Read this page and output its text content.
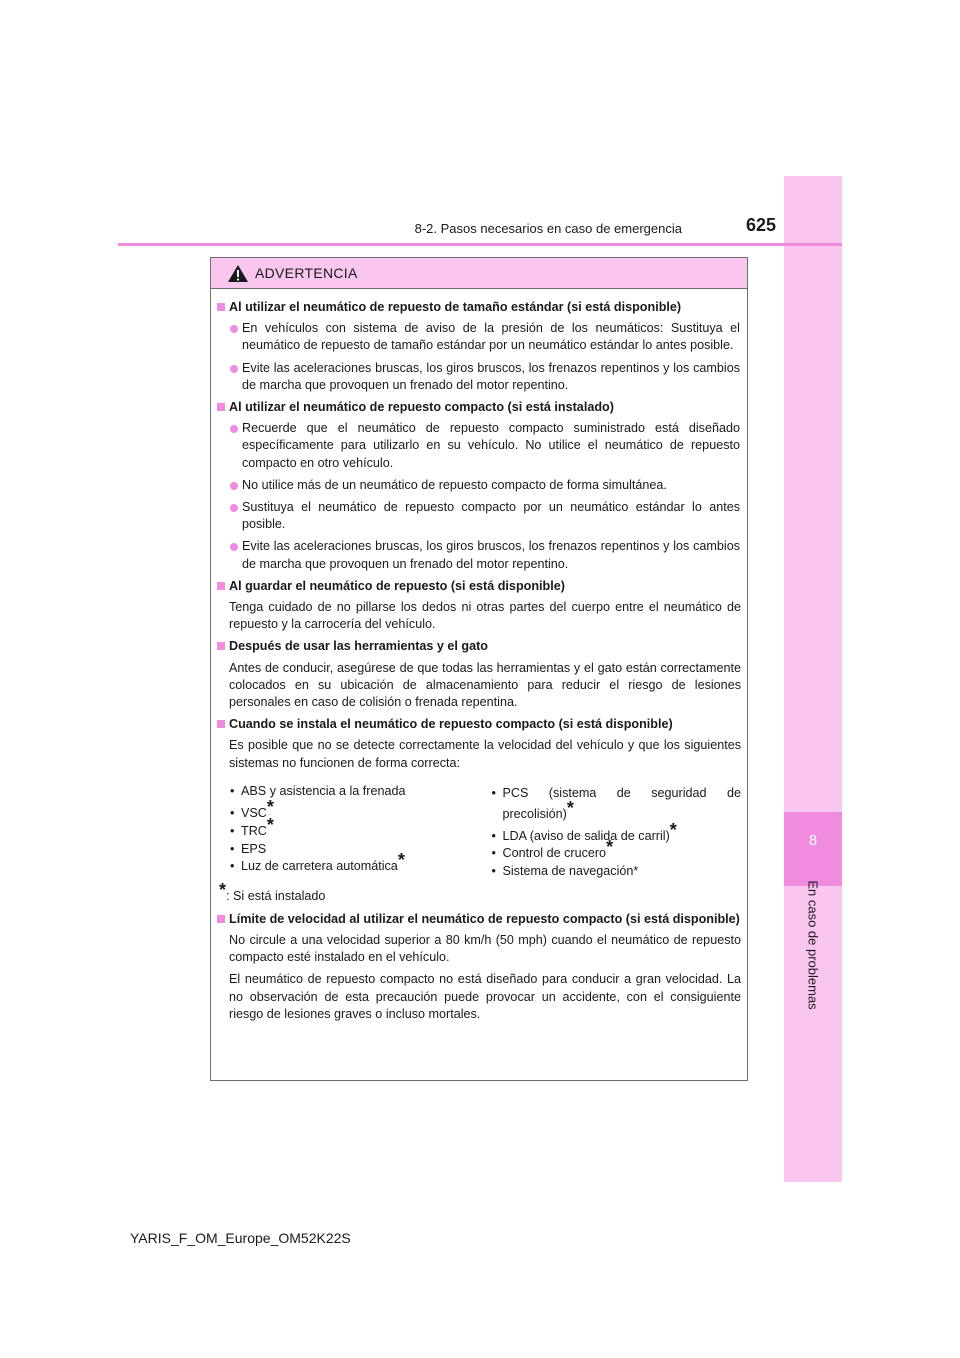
8
En caso de problemas
8-2. Pasos necesarios en caso de emergencia	625
ADVERTENCIA
Al utilizar el neumático de repuesto de tamaño estándar (si está disponible)
En vehículos con sistema de aviso de la presión de los neumáticos: Sustituya el neumático de repuesto de tamaño estándar por un neumático estándar lo antes posible.
Evite las aceleraciones bruscas, los giros bruscos, los frenazos repentinos y los cambios de marcha que provoquen un frenado del motor repentino.
Al utilizar el neumático de repuesto compacto (si está instalado)
Recuerde que el neumático de repuesto compacto suministrado está diseñado específicamente para utilizarlo en su vehículo. No utilice el neumático de repuesto compacto en otro vehículo.
No utilice más de un neumático de repuesto compacto de forma simultánea.
Sustituya el neumático de repuesto compacto por un neumático estándar lo antes posible.
Evite las aceleraciones bruscas, los giros bruscos, los frenazos repentinos y los cambios de marcha que provoquen un frenado del motor repentino.
Al guardar el neumático de repuesto (si está disponible)
Tenga cuidado de no pillarse los dedos ni otras partes del cuerpo entre el neumático de repuesto y la carrocería del vehículo.
Después de usar las herramientas y el gato
Antes de conducir, asegúrese de que todas las herramientas y el gato están correctamente colocados en su ubicación de almacenamiento para reducir el riesgo de lesiones personales en caso de colisión o frenada repentina.
Cuando se instala el neumático de repuesto compacto (si está disponible)
Es posible que no se detecte correctamente la velocidad del vehículo y que los siguientes sistemas no funcionen de forma correcta:
• ABS y asistencia a la frenada
• VSC*
• TRC*
• EPS
• Luz de carretera automática*
• PCS (sistema de seguridad de precolisión)*
• LDA (aviso de salida de carril)*
• Control de crucero*
• Sistema de navegación*
*: Si está instalado
Límite de velocidad al utilizar el neumático de repuesto compacto (si está disponible)
No circule a una velocidad superior a 80 km/h (50 mph) cuando el neumático de repuesto compacto esté instalado en el vehículo.
El neumático de repuesto compacto no está diseñado para conducir a gran velocidad. La no observación de esta precaución puede provocar un accidente, con el consiguiente riesgo de lesiones graves o incluso mortales.
YARIS_F_OM_Europe_OM52K22S
